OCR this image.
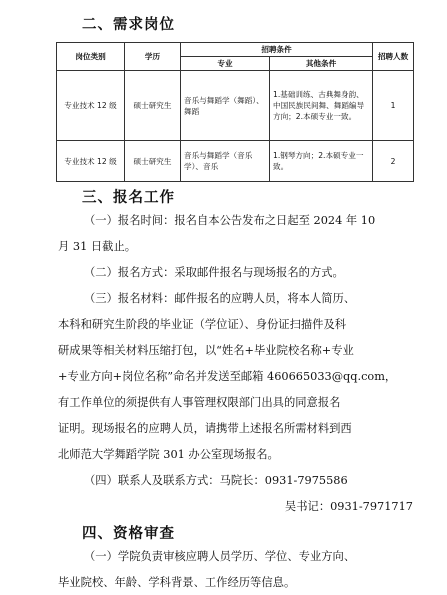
二、需求岗位
岗位类别	学历	招聘条件		招聘人数
		专业	其他条件	
专业技术 12 级	硕士研究生	音乐与舞蹈学（舞蹈）、舞蹈	1.基础训练、古典舞身韵、中国民族民间舞、舞蹈编导方向；2.本硕专业一致。	1
专业技术 12 级	硕士研究生	音乐与舞蹈学（音乐学）、音乐	1.钢琴方向；2.本硕专业一致。	2
三、报名工作
（一）报名时间：报名自本公告发布之日起至 2024 年 10
月 31 日截止。
（二）报名方式：采取邮件报名与现场报名的方式。
（三）报名材料：邮件报名的应聘人员，将本人简历、
本科和研究生阶段的毕业证（学位证）、身份证扫描件及科
研成果等相关材料压缩打包，以“姓名+毕业院校名称+专业
+专业方向+岗位名称”命名并发送至邮箱 460665033@qq.com，
有工作单位的须提供有人事管理权限部门出具的同意报名
证明。现场报名的应聘人员，请携带上述报名所需材料到西
北师范大学舞蹈学院 301 办公室现场报名。
（四）联系人及联系方式：马院长：0931-7975586
吴书记：0931-7971717
四、资格审查
（一）学院负责审核应聘人员学历、学位、专业方向、
毕业院校、年龄、学科背景、工作经历等信息。
